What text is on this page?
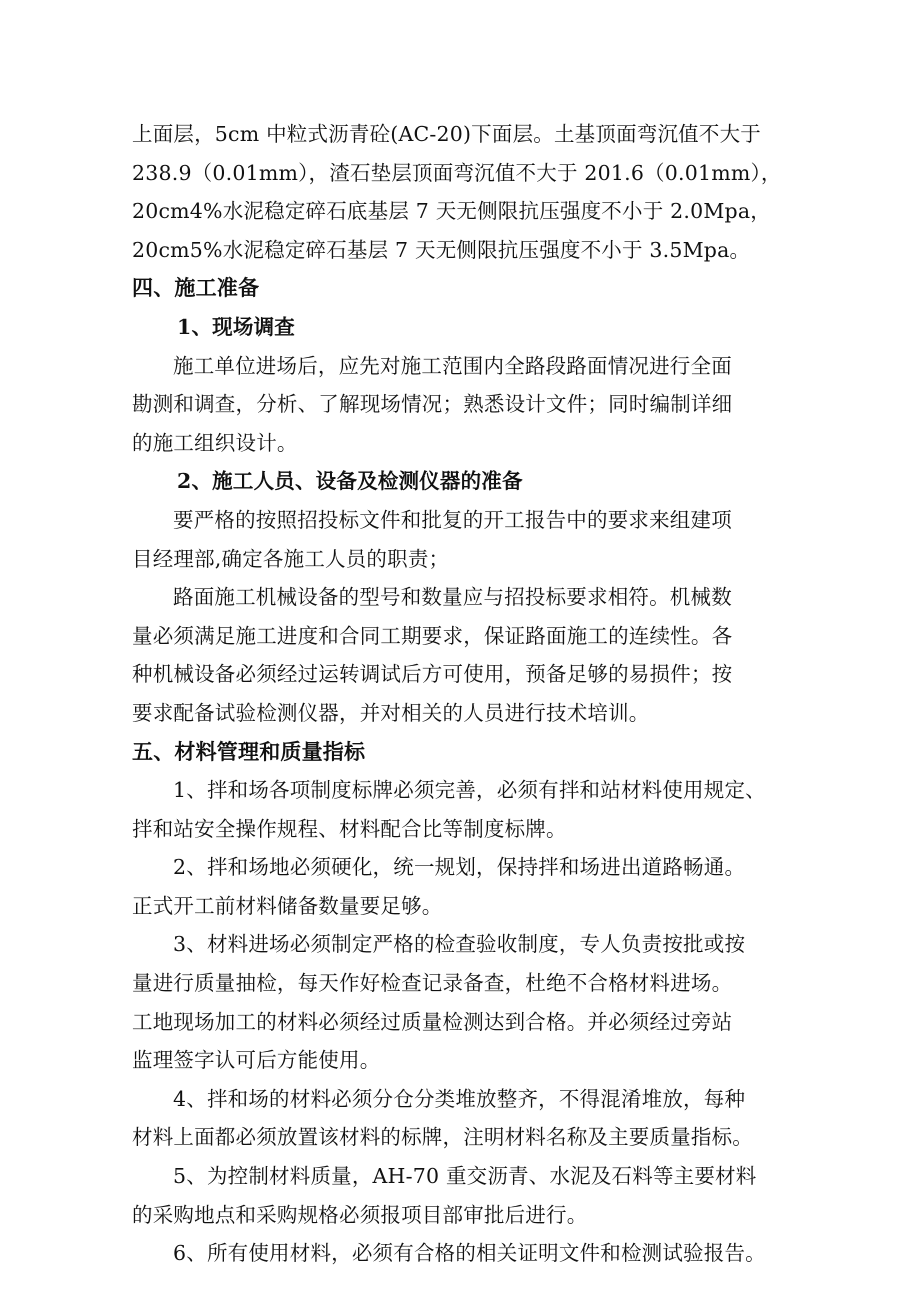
上面层，5cm 中粒式沥青砼(AC-20)下面层。土基顶面弯沉值不大于
238.9（0.01mm），渣石垫层顶面弯沉值不大于 201.6（0.01mm），
20cm4%水泥稳定碎石底基层 7 天无侧限抗压强度不小于 2.0Mpa，
20cm5%水泥稳定碎石基层 7 天无侧限抗压强度不小于 3.5Mpa。
四、施工准备
1、现场调查
施工单位进场后，应先对施工范围内全路段路面情况进行全面
勘测和调查，分析、了解现场情况；熟悉设计文件；同时编制详细
的施工组织设计。
2、施工人员、设备及检测仪器的准备
要严格的按照招投标文件和批复的开工报告中的要求来组建项
目经理部,确定各施工人员的职责；
路面施工机械设备的型号和数量应与招投标要求相符。机械数
量必须满足施工进度和合同工期要求，保证路面施工的连续性。各
种机械设备必须经过运转调试后方可使用，预备足够的易损件；按
要求配备试验检测仪器，并对相关的人员进行技术培训。
五、材料管理和质量指标
1、拌和场各项制度标牌必须完善，必须有拌和站材料使用规定、
拌和站安全操作规程、材料配合比等制度标牌。
2、拌和场地必须硬化，统一规划，保持拌和场进出道路畅通。
正式开工前材料储备数量要足够。
3、材料进场必须制定严格的检查验收制度，专人负责按批或按
量进行质量抽检，每天作好检查记录备查，杜绝不合格材料进场。
工地现场加工的材料必须经过质量检测达到合格。并必须经过旁站
监理签字认可后方能使用。
4、拌和场的材料必须分仓分类堆放整齐，不得混淆堆放，每种
材料上面都必须放置该材料的标牌，注明材料名称及主要质量指标。
5、为控制材料质量，AH-70 重交沥青、水泥及石料等主要材料
的采购地点和采购规格必须报项目部审批后进行。
6、所有使用材料，必须有合格的相关证明文件和检测试验报告。
